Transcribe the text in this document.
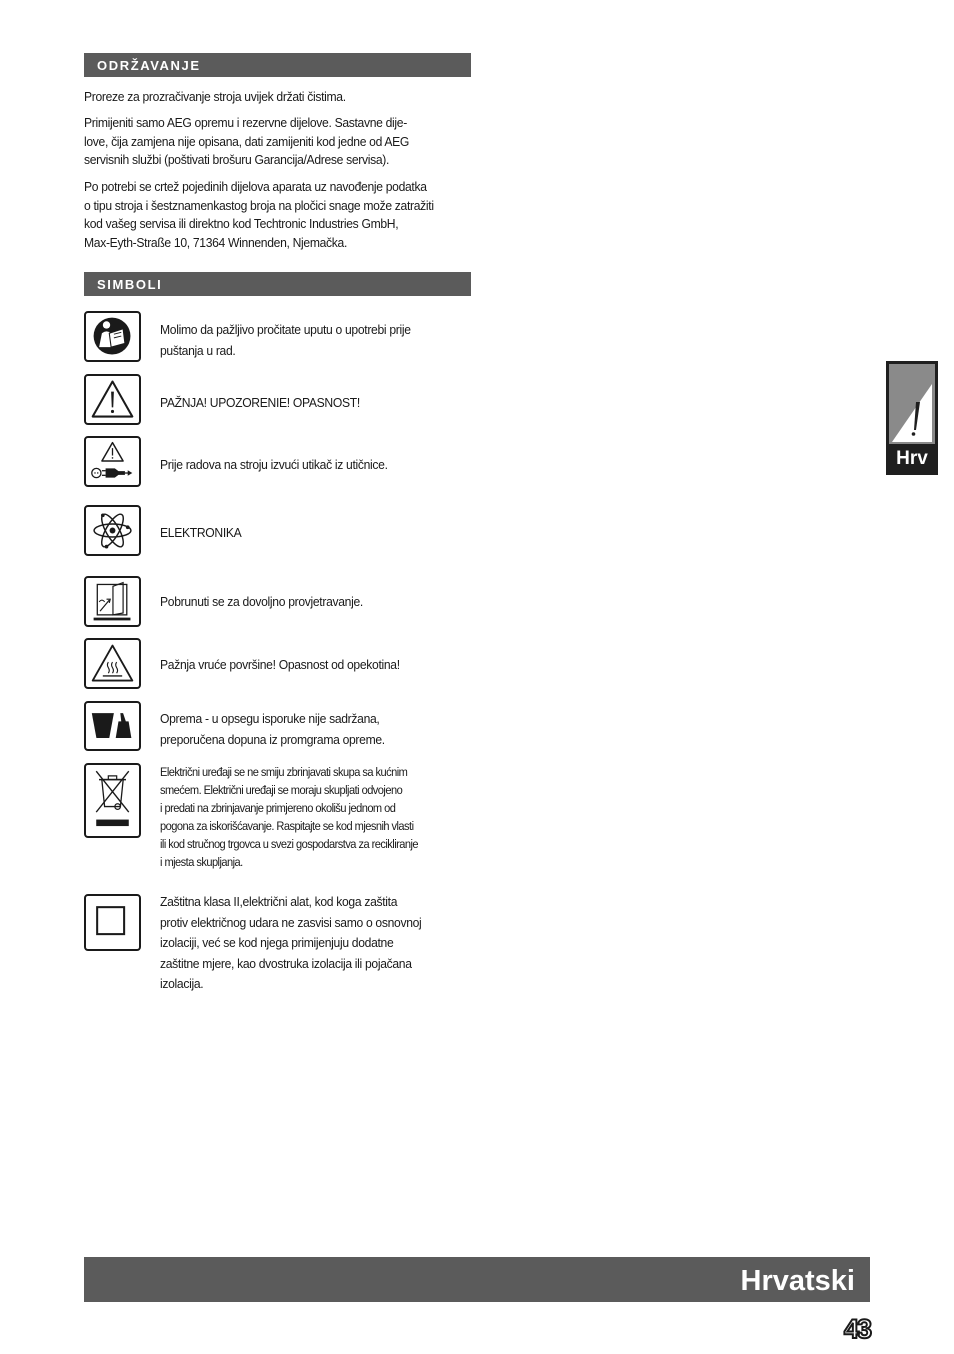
ODRŽAVANJE
Proreze za prozračivanje stroja uvijek držati čistima.
Primijeniti samo AEG opremu i rezervne dijelove. Sastavne dije-
love, čija zamjena nije opisana, dati zamijeniti kod jedne od AEG
servisnih službi (poštivati brošuru Garancija/Adrese servisa).
Po potrebi se crtež pojedinih dijelova aparata uz navođenje podatka
o tipu stroja i šestznamenkastog broja na pločici snage može zatražiti
kod vašeg servisa ili direktno kod Techtronic Industries GmbH,
Max-Eyth-Straße 10, 71364 Winnenden, Njemačka.
SIMBOLI
Molimo da pažljivo pročitate uputu o upotrebi prije
puštanja u rad.
PAŽNJA! UPOZORENIE! OPASNOST!
Prije radova na stroju izvući utikač iz utičnice.
ELEKTRONIKA
Pobrunuti se za dovoljno provjetravanje.
Pažnja vruće površine! Opasnost od opekotina!
Oprema - u opsegu isporuke nije sadržana,
preporučena dopuna iz promgrama opreme.
Električni uređaji se ne smiju zbrinjavati skupa sa kućnim
smećem. Električni uređaji se moraju skupljati odvojeno
i predati na zbrinjavanje primjereno okolišu jednom od
pogona za iskorišćavanje. Raspitajte se kod mjesnih vlasti
ili kod stručnog trgovca u svezi gospodarstva za recikliranje
i mjesta skupljanja.
Zaštitna klasa II,električni alat, kod koga zaštita
protiv električnog udara ne zasvisi samo o osnovnoj
izolaciji, već se kod njega primijenjuju dodatne
zaštitne mjere, kao dvostruka izolacija ili pojačana
izolacija.
Hrv
Hrvatski
43
